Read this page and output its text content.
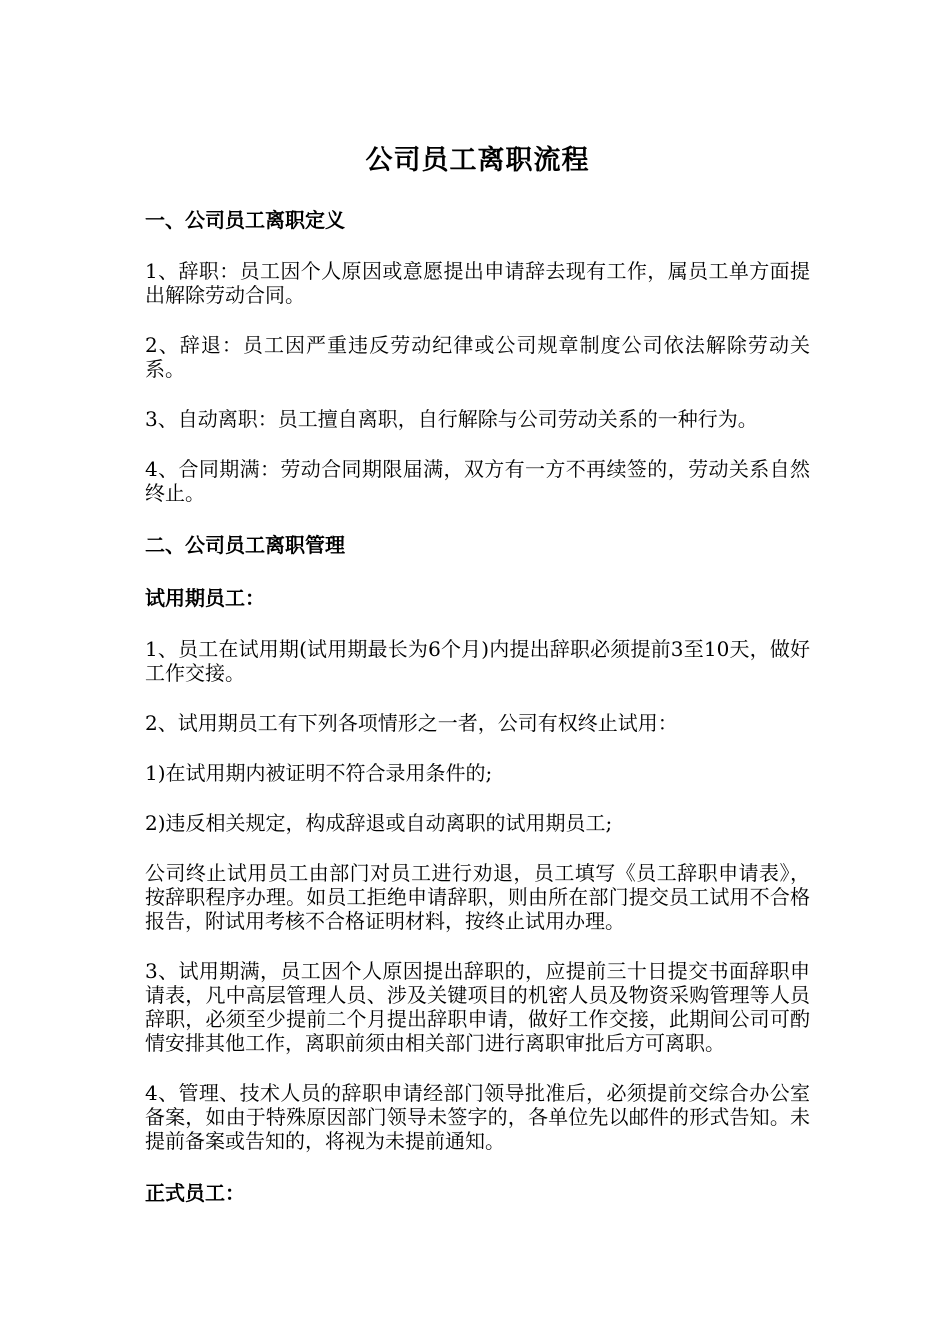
公司员工离职流程
一、公司员工离职定义
1、辞职：员工因个人原因或意愿提出申请辞去现有工作，属员工单方面提出解除劳动合同。
2、辞退：员工因严重违反劳动纪律或公司规章制度公司依法解除劳动关系。
3、自动离职：员工擅自离职，自行解除与公司劳动关系的一种行为。
4、合同期满：劳动合同期限届满，双方有一方不再续签的，劳动关系自然终止。
二、公司员工离职管理
试用期员工：
1、员工在试用期(试用期最长为6个月)内提出辞职必须提前3至10天，做好工作交接。
2、试用期员工有下列各项情形之一者，公司有权终止试用：
1)在试用期内被证明不符合录用条件的;
2)违反相关规定，构成辞退或自动离职的试用期员工;
公司终止试用员工由部门对员工进行劝退，员工填写《员工辞职申请表》，按辞职程序办理。如员工拒绝申请辞职，则由所在部门提交员工试用不合格报告，附试用考核不合格证明材料，按终止试用办理。
3、试用期满，员工因个人原因提出辞职的，应提前三十日提交书面辞职申请表，凡中高层管理人员、涉及关键项目的机密人员及物资采购管理等人员辞职，必须至少提前二个月提出辞职申请，做好工作交接，此期间公司可酌情安排其他工作，离职前须由相关部门进行离职审批后方可离职。
4、管理、技术人员的辞职申请经部门领导批准后，必须提前交综合办公室备案，如由于特殊原因部门领导未签字的，各单位先以邮件的形式告知。未提前备案或告知的，将视为未提前通知。
正式员工：
